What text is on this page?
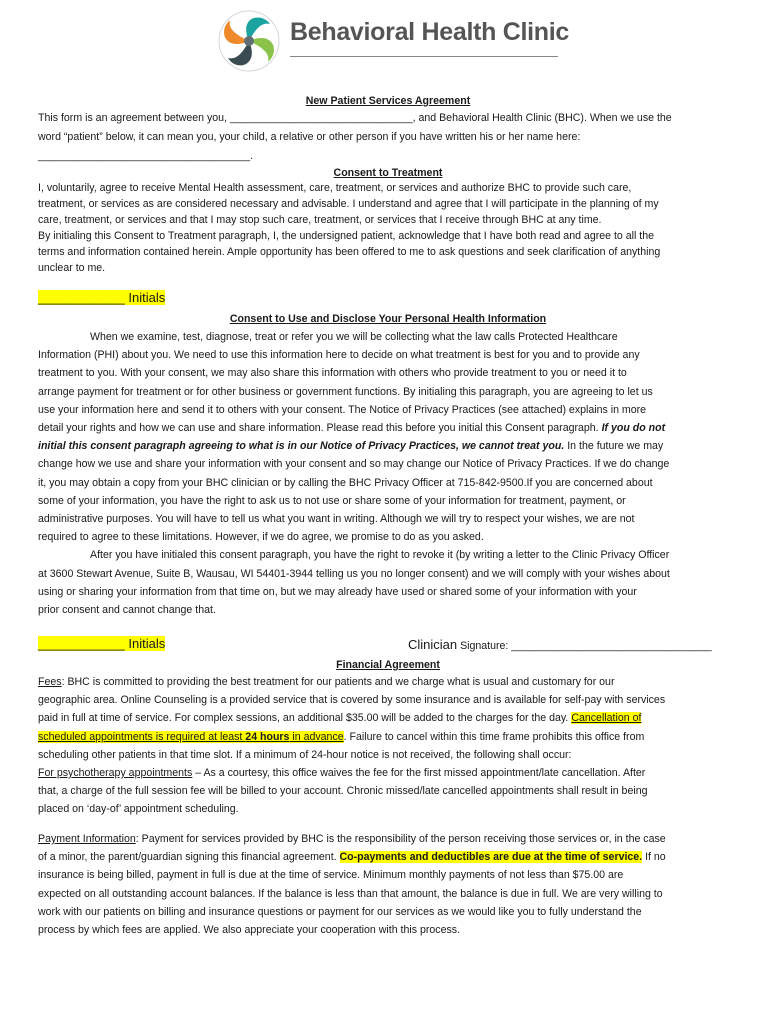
Behavioral Health Clinic
New Patient Services Agreement
This form is an agreement between you, _______________________________, and Behavioral Health Clinic (BHC). When we use the
word “patient” below, it can mean you, your child, a relative or other person if you have written his or her name here:
____________________________________.
Consent to Treatment
I, voluntarily, agree to receive Mental Health assessment, care, treatment, or services and authorize BHC to provide such care,
treatment, or services as are considered necessary and advisable. I understand and agree that I will participate in the planning of my
care, treatment, or services and that I may stop such care, treatment, or services that I receive through BHC at any time.
By initialing this Consent to Treatment paragraph, I, the undersigned patient, acknowledge that I have both read and agree to all the
terms and information contained herein. Ample opportunity has been offered to me to ask questions and seek clarification of anything
unclear to me.
____________ Initials
Consent to Use and Disclose Your Personal Health Information
When we examine, test, diagnose, treat or refer you we will be collecting what the law calls Protected Healthcare
Information (PHI) about you. We need to use this information here to decide on what treatment is best for you and to provide any
treatment to you. With your consent, we may also share this information with others who provide treatment to you or need it to
arrange payment for treatment or for other business or government functions. By initialing this paragraph, you are agreeing to let us
use your information here and send it to others with your consent. The Notice of Privacy Practices (see attached) explains in more
detail your rights and how we can use and share information. Please read this before you initial this Consent paragraph. If you do not
initial this consent paragraph agreeing to what is in our Notice of Privacy Practices, we cannot treat you. In the future we may
change how we use and share your information with your consent and so may change our Notice of Privacy Practices. If we do change
it, you may obtain a copy from your BHC clinician or by calling the BHC Privacy Officer at 715-842-9500.If you are concerned about
some of your information, you have the right to ask us to not use or share some of your information for treatment, payment, or
administrative purposes. You will have to tell us what you want in writing. Although we will try to respect your wishes, we are not
required to agree to these limitations. However, if we do agree, we promise to do as you asked.
After you have initialed this consent paragraph, you have the right to revoke it (by writing a letter to the Clinic Privacy Officer
at 3600 Stewart Avenue, Suite B, Wausau, WI 54401-3944 telling us you no longer consent) and we will comply with your wishes about
using or sharing your information from that time on, but we may already have used or shared some of your information with your
prior consent and cannot change that.
____________ Initials	Clinician Signature: __________________________________
Financial Agreement
Fees: BHC is committed to providing the best treatment for our patients and we charge what is usual and customary for our
geographic area. Online Counseling is a provided service that is covered by some insurance and is available for self-pay with services
paid in full at time of service. For complex sessions, an additional $35.00 will be added to the charges for the day. Cancellation of
scheduled appointments is required at least 24 hours in advance. Failure to cancel within this time frame prohibits this office from
scheduling other patients in that time slot. If a minimum of 24-hour notice is not received, the following shall occur:
For psychotherapy appointments – As a courtesy, this office waives the fee for the first missed appointment/late cancellation. After
that, a charge of the full session fee will be billed to your account. Chronic missed/late cancelled appointments shall result in being
placed on ‘day-of’ appointment scheduling.
Payment Information: Payment for services provided by BHC is the responsibility of the person receiving those services or, in the case
of a minor, the parent/guardian signing this financial agreement. Co-payments and deductibles are due at the time of service. If no
insurance is being billed, payment in full is due at the time of service. Minimum monthly payments of not less than $75.00 are
expected on all outstanding account balances. If the balance is less than that amount, the balance is due in full. We are very willing to
work with our patients on billing and insurance questions or payment for our services as we would like you to fully understand the
process by which fees are applied. We also appreciate your cooperation with this process.
